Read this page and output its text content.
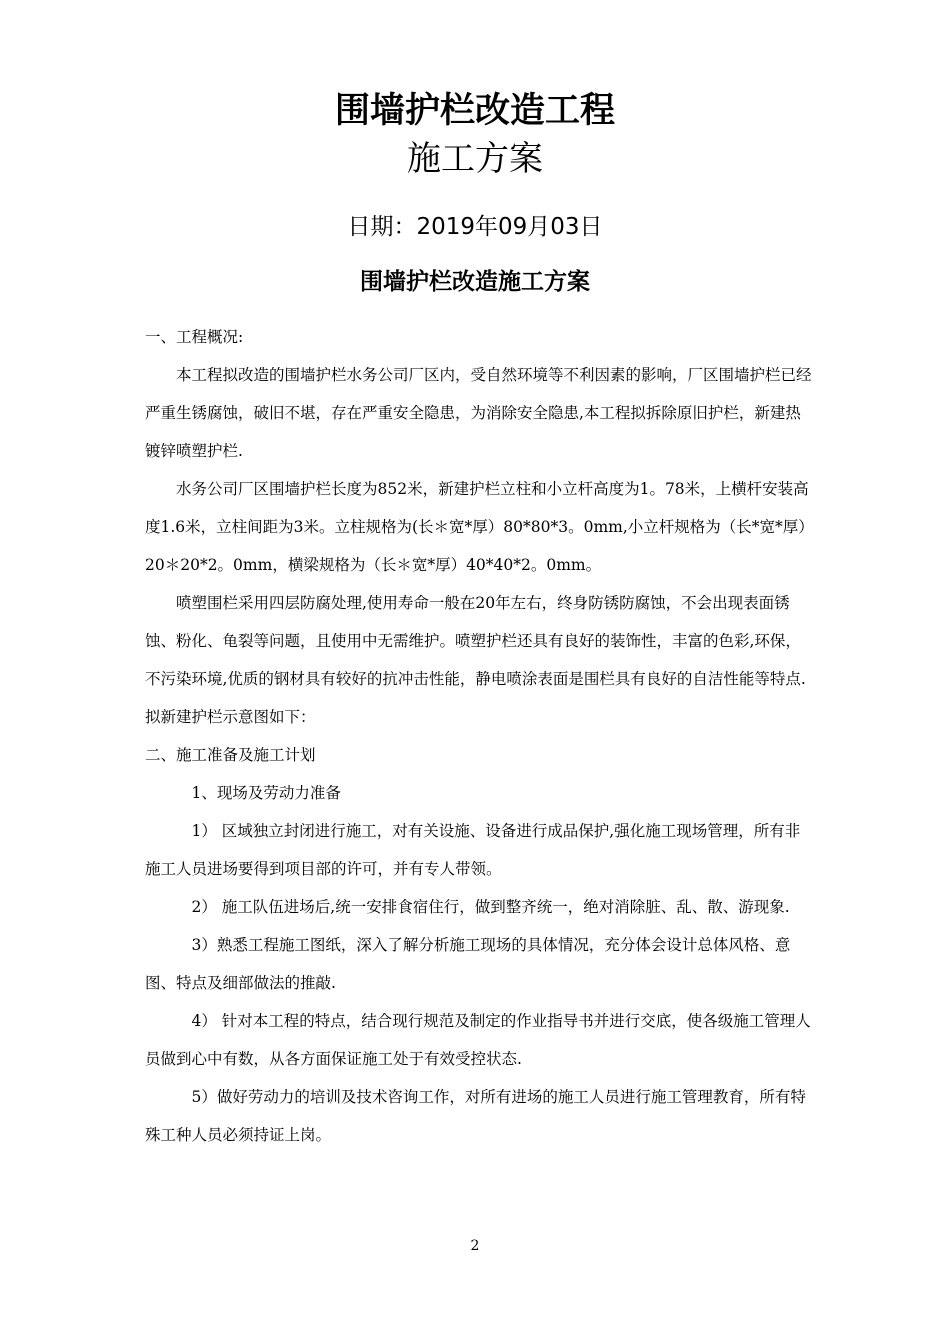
围墙护栏改造工程
施工方案
日期：2019年09月03日
围墙护栏改造施工方案

一、工程概况:

本工程拟改造的围墙护栏水务公司厂区内，受自然环境等不利因素的影响，厂区围墙护栏已经严重生锈腐蚀，破旧不堪，存在严重安全隐患，为消除安全隐患,本工程拟拆除原旧护栏，新建热镀锌喷塑护栏.

水务公司厂区围墙护栏长度为852米，新建护栏立柱和小立杆高度为1。78米，上横杆安装高度1.6米，立柱间距为3米。立柱规格为(长＊宽*厚）80*80*3。0mm,小立杆规格为（长*宽*厚）20＊20*2。0mm，横梁规格为（长＊宽*厚）40*40*2。0mm。

喷塑围栏采用四层防腐处理,使用寿命一般在20年左右，终身防锈防腐蚀，不会出现表面锈蚀、粉化、龟裂等问题，且使用中无需维护。喷塑护栏还具有良好的装饰性，丰富的色彩,环保，不污染环境,优质的钢材具有较好的抗冲击性能，静电喷涂表面是围栏具有良好的自洁性能等特点.

拟新建护栏示意图如下：

二、施工准备及施工计划

1、现场及劳动力准备

1） 区域独立封闭进行施工，对有关设施、设备进行成品保护,强化施工现场管理，所有非施工人员进场要得到项目部的许可，并有专人带领。

2） 施工队伍进场后,统一安排食宿住行，做到整齐统一，绝对消除脏、乱、散、游现象.

3）熟悉工程施工图纸，深入了解分析施工现场的具体情况，充分体会设计总体风格、意图、特点及细部做法的推敲.

4） 针对本工程的特点，结合现行规范及制定的作业指导书并进行交底，使各级施工管理人员做到心中有数，从各方面保证施工处于有效受控状态.

5）做好劳动力的培训及技术咨询工作，对所有进场的施工人员进行施工管理教育，所有特殊工种人员必须持证上岗。

2
